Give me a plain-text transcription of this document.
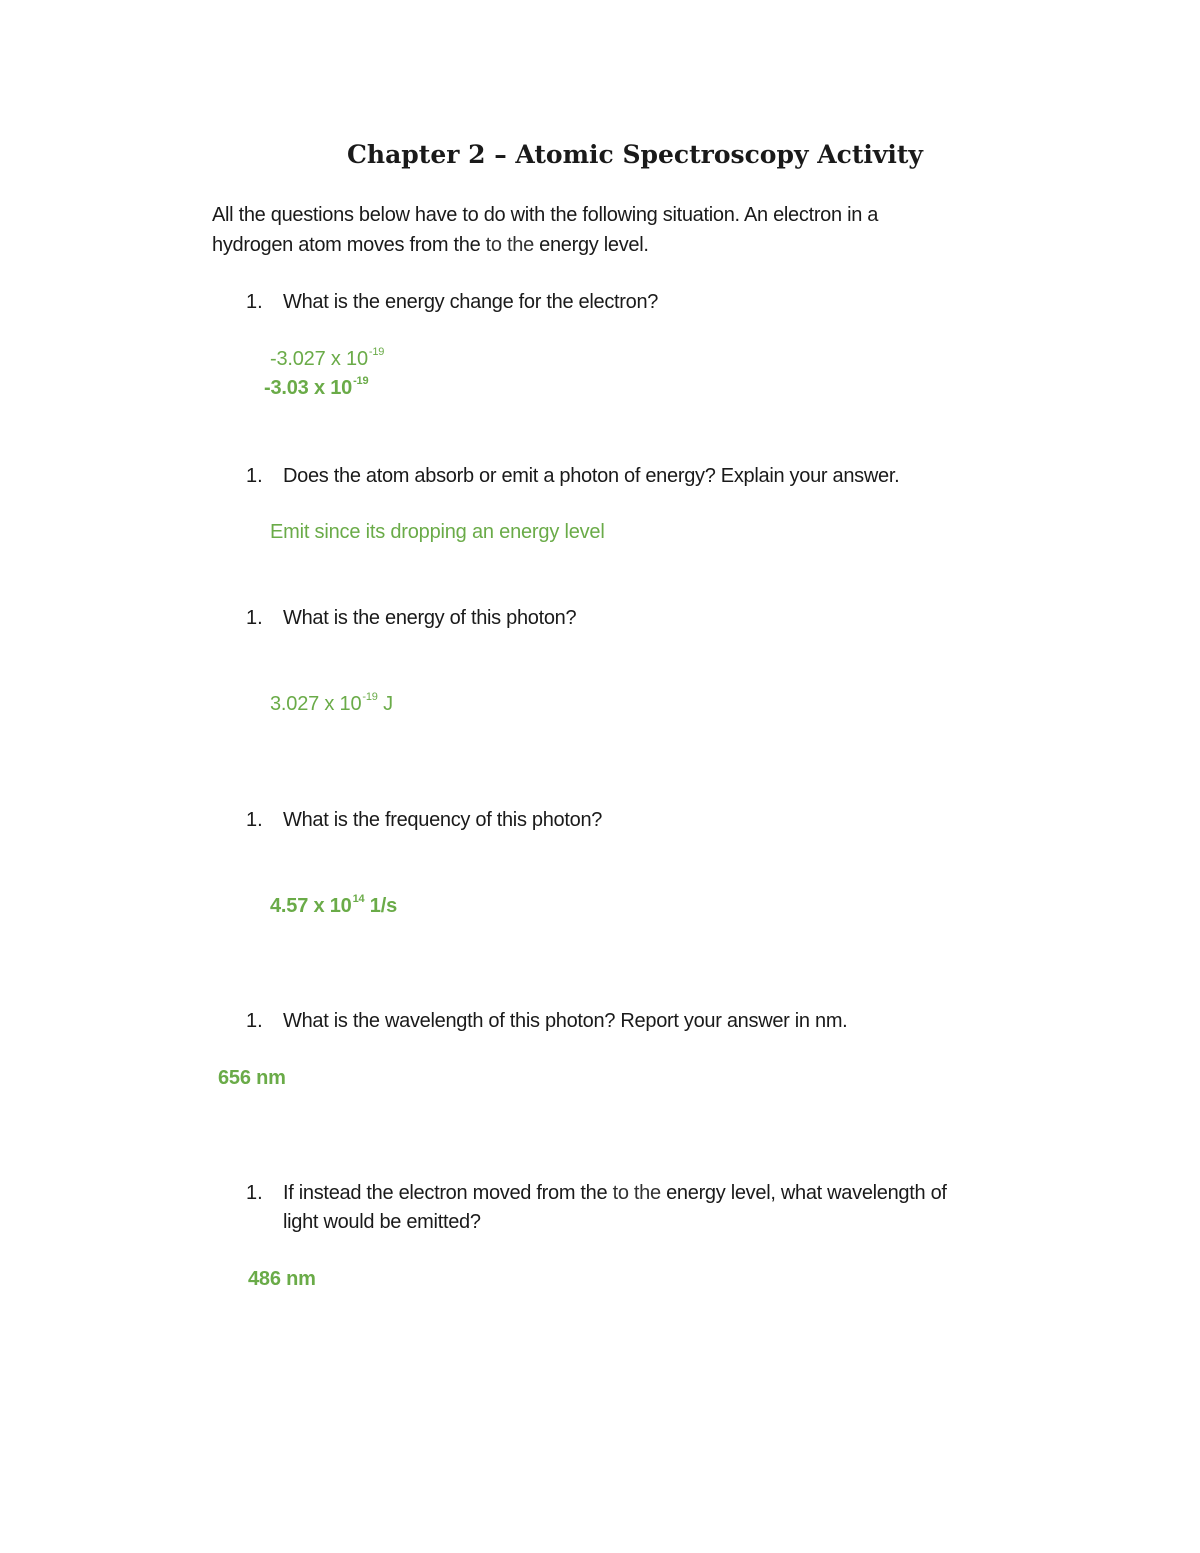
Chapter 2 – Atomic Spectroscopy Activity
All the questions below have to do with the following situation. An electron in a
hydrogen atom moves from the to the energy level.
1. What is the energy change for the electron?
-3.027 x $10^{-19}$
-3.03 x $10^{-19}$
1. Does the atom absorb or emit a photon of energy? Explain your answer.
Emit since its dropping an energy level
1. What is the energy of this photon?
3.027 x $10^{-19}$ J
1. What is the frequency of this photon?
4.57 x $10^{14}$ 1/s
1. What is the wavelength of this photon? Report your answer in nm.
656 nm
1. If instead the electron moved from the to the energy level, what wavelength of
light would be emitted?
486 nm
